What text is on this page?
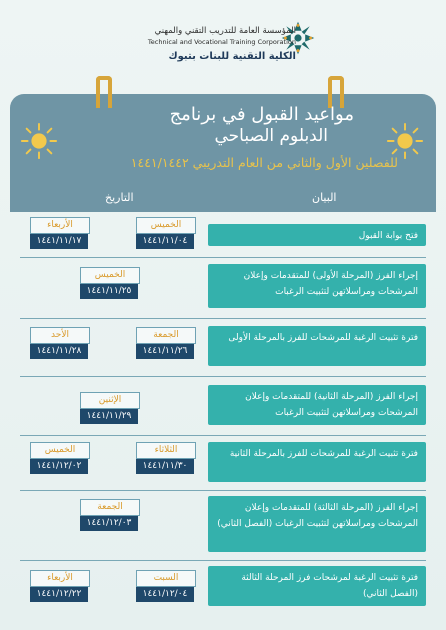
المؤسسة العامة للتدريب التقني والمهني
Technical and Vocational Training Corporation
الكلية التقنية للبنات بتبوك
مواعيد القبول في برنامج
الدبلوم الصباحي
للفصلين الأول والثاني من العام التدريبي ١٤٤١/١٤٤٢
التاريخ	البيان
فتح بوابة القبول
الخميس
١٤٤١/١١/٠٤
الأربعاء
١٤٤١/١١/١٧
إجراء الفرز (المرحلة الأولى) للمتقدمات وإعلان المرشحات ومراسلاتهن لتثبيت الرغبات
الخميس
١٤٤١/١١/٢٥
فترة تثبيت الرغبة للمرشحات للفرز بالمرحلة الأولى
الجمعة
١٤٤١/١١/٢٦
الأحد
١٤٤١/١١/٢٨
إجراء الفرز (المرحلة الثانية) للمتقدمات وإعلان المرشحات ومراسلاتهن لتثبيت الرغبات
الإثنين
١٤٤١/١١/٢٩
فترة تثبيت الرغبة للمرشحات للفرز بالمرحلة الثانية
الثلاثاء
١٤٤١/١١/٣٠
الخميس
١٤٤١/١٢/٠٢
إجراء الفرز (المرحلة الثالثة) للمتقدمات وإعلان المرشحات ومراسلاتهن لتثبيت الرغبات (الفصل الثاني)
الجمعة
١٤٤١/١٢/٠٣
فترة تثبيت الرغبة لمرشحات فرز المرحلة الثالثة (الفصل الثاني)
السبت
١٤٤١/١٢/٠٤
الأربعاء
١٤٤١/١٢/٢٢
